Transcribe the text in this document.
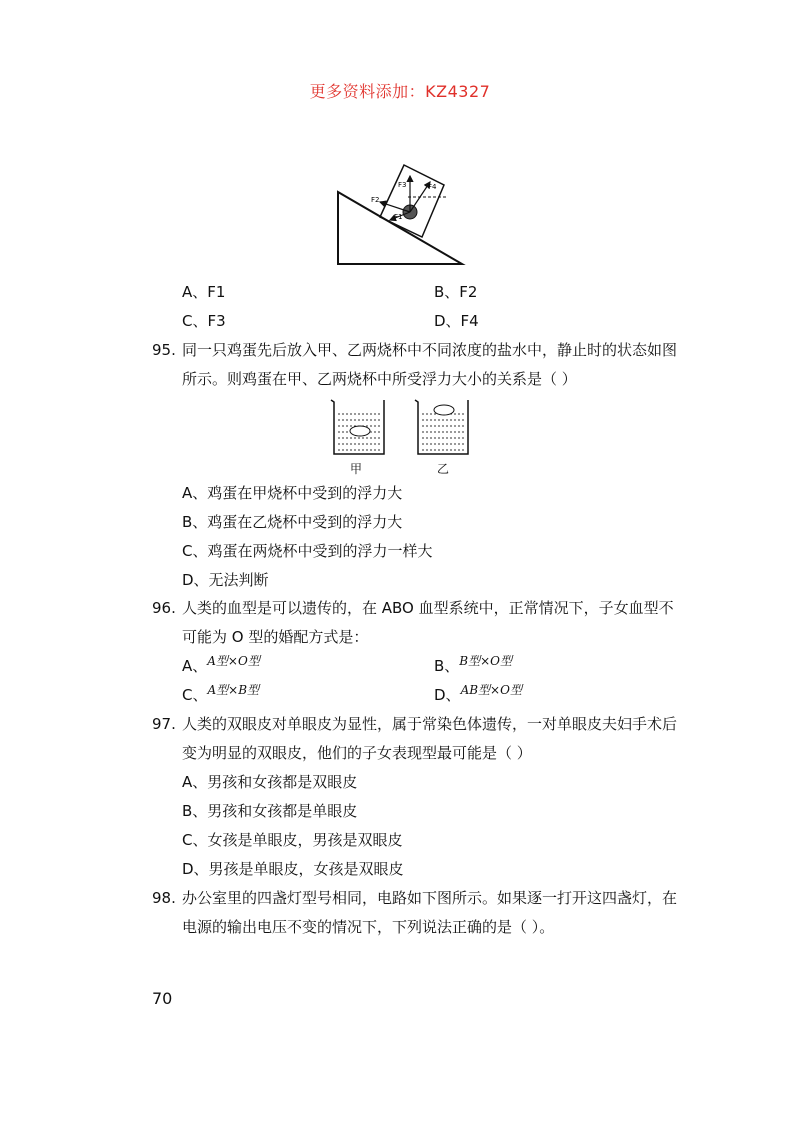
更多资料添加：KZ4327
F1
F2
F3	F4
A、F1	B、F2
C、F3	D、F4
95. 同一只鸡蛋先后放入甲、乙两烧杯中不同浓度的盐水中，静止时的状态如图
所示。则鸡蛋在甲、乙两烧杯中所受浮力大小的关系是（ ）
甲	乙
A、鸡蛋在甲烧杯中受到的浮力大
B、鸡蛋在乙烧杯中受到的浮力大
C、鸡蛋在两烧杯中受到的浮力一样大
D、无法判断
96. 人类的血型是可以遗传的，在 ABO 血型系统中，正常情况下，子女血型不
可能为 O 型的婚配方式是：
A、$^{A型\times O型}$	B、$^{B型\times O型}$
C、$^{A型\times B型}$	D、$^{AB型\times O型}$
97. 人类的双眼皮对单眼皮为显性，属于常染色体遗传，一对单眼皮夫妇手术后
变为明显的双眼皮，他们的子女表现型最可能是（ ）
A、男孩和女孩都是双眼皮
B、男孩和女孩都是单眼皮
C、女孩是单眼皮，男孩是双眼皮
D、男孩是单眼皮，女孩是双眼皮
98. 办公室里的四盏灯型号相同，电路如下图所示。如果逐一打开这四盏灯，在
电源的输出电压不变的情况下，下列说法正确的是（ ）。
70
